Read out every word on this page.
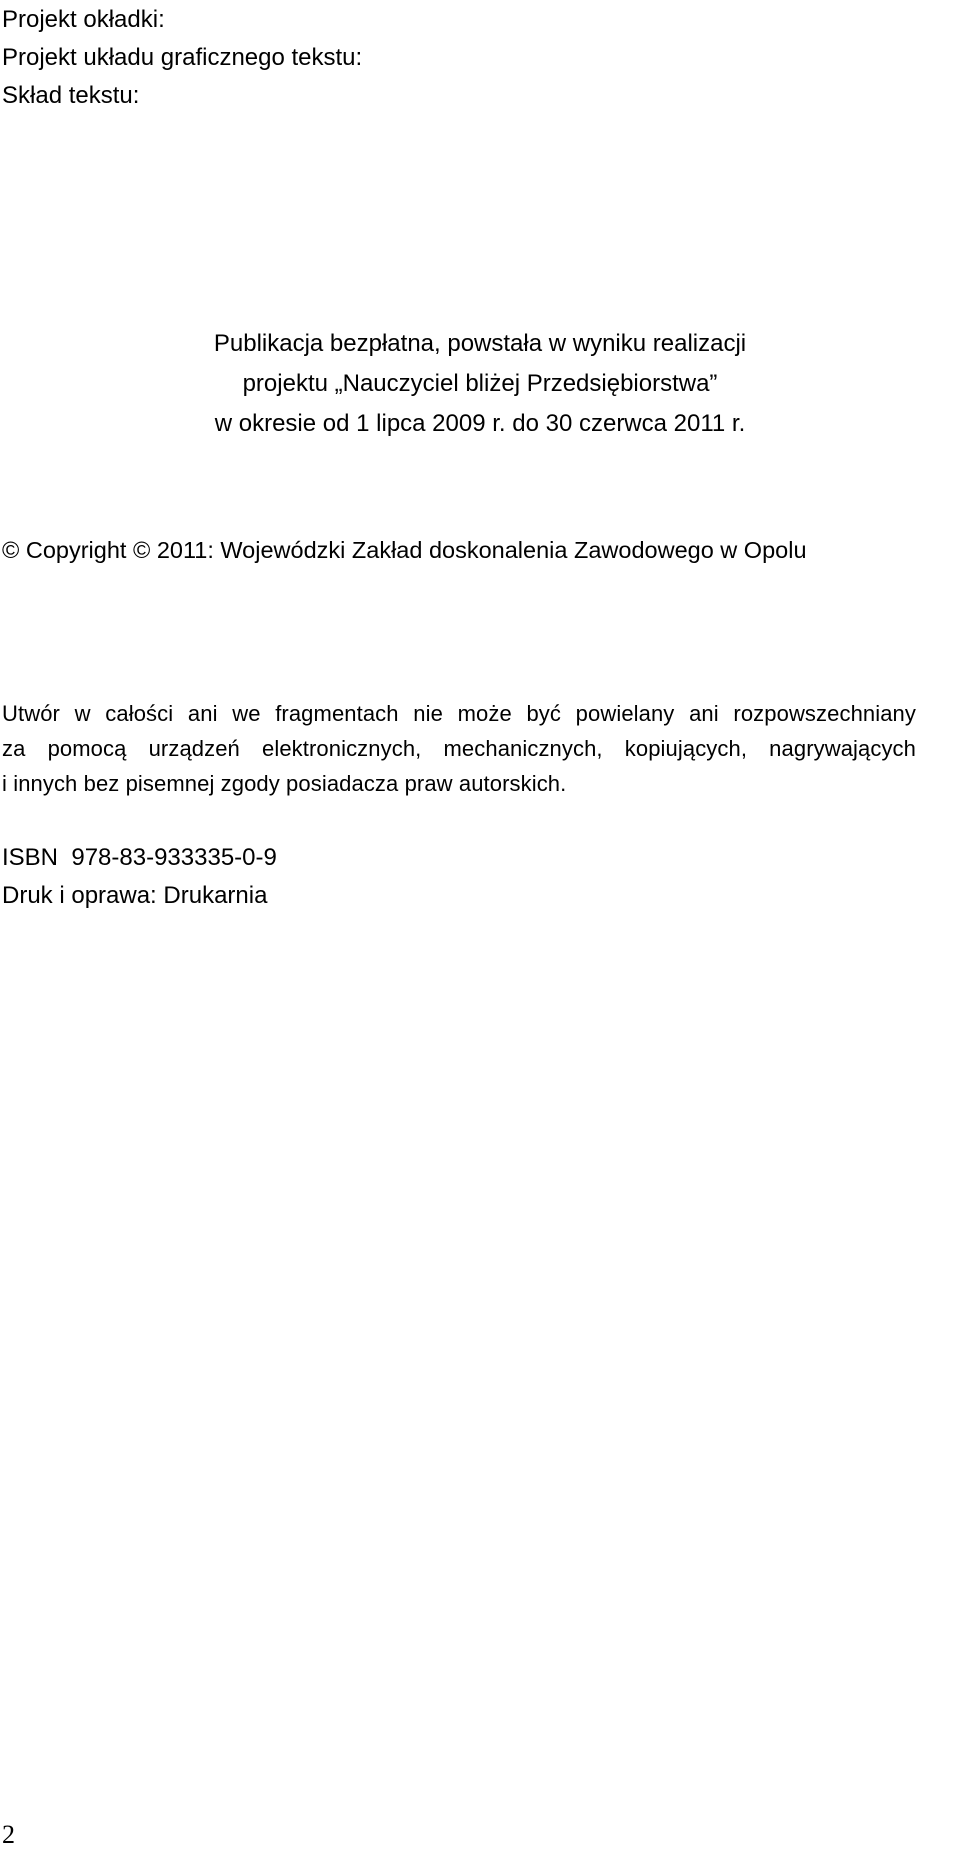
Projekt okładki:
Projekt układu graficznego tekstu:
Skład tekstu:
Publikacja bezpłatna, powstała w wyniku realizacji
projektu „Nauczyciel bliżej Przedsiębiorstwa”
w okresie od 1 lipca 2009 r. do 30 czerwca 2011 r.
© Copyright © 2011: Wojewódzki Zakład doskonalenia Zawodowego w Opolu
Utwór w całości ani we fragmentach nie może być powielany ani rozpowszechniany
za pomocą urządzeń elektronicznych, mechanicznych, kopiujących, nagrywających
i innych bez pisemnej zgody posiadacza praw autorskich.
ISBN  978-83-933335-0-9
Druk i oprawa: Drukarnia
2
